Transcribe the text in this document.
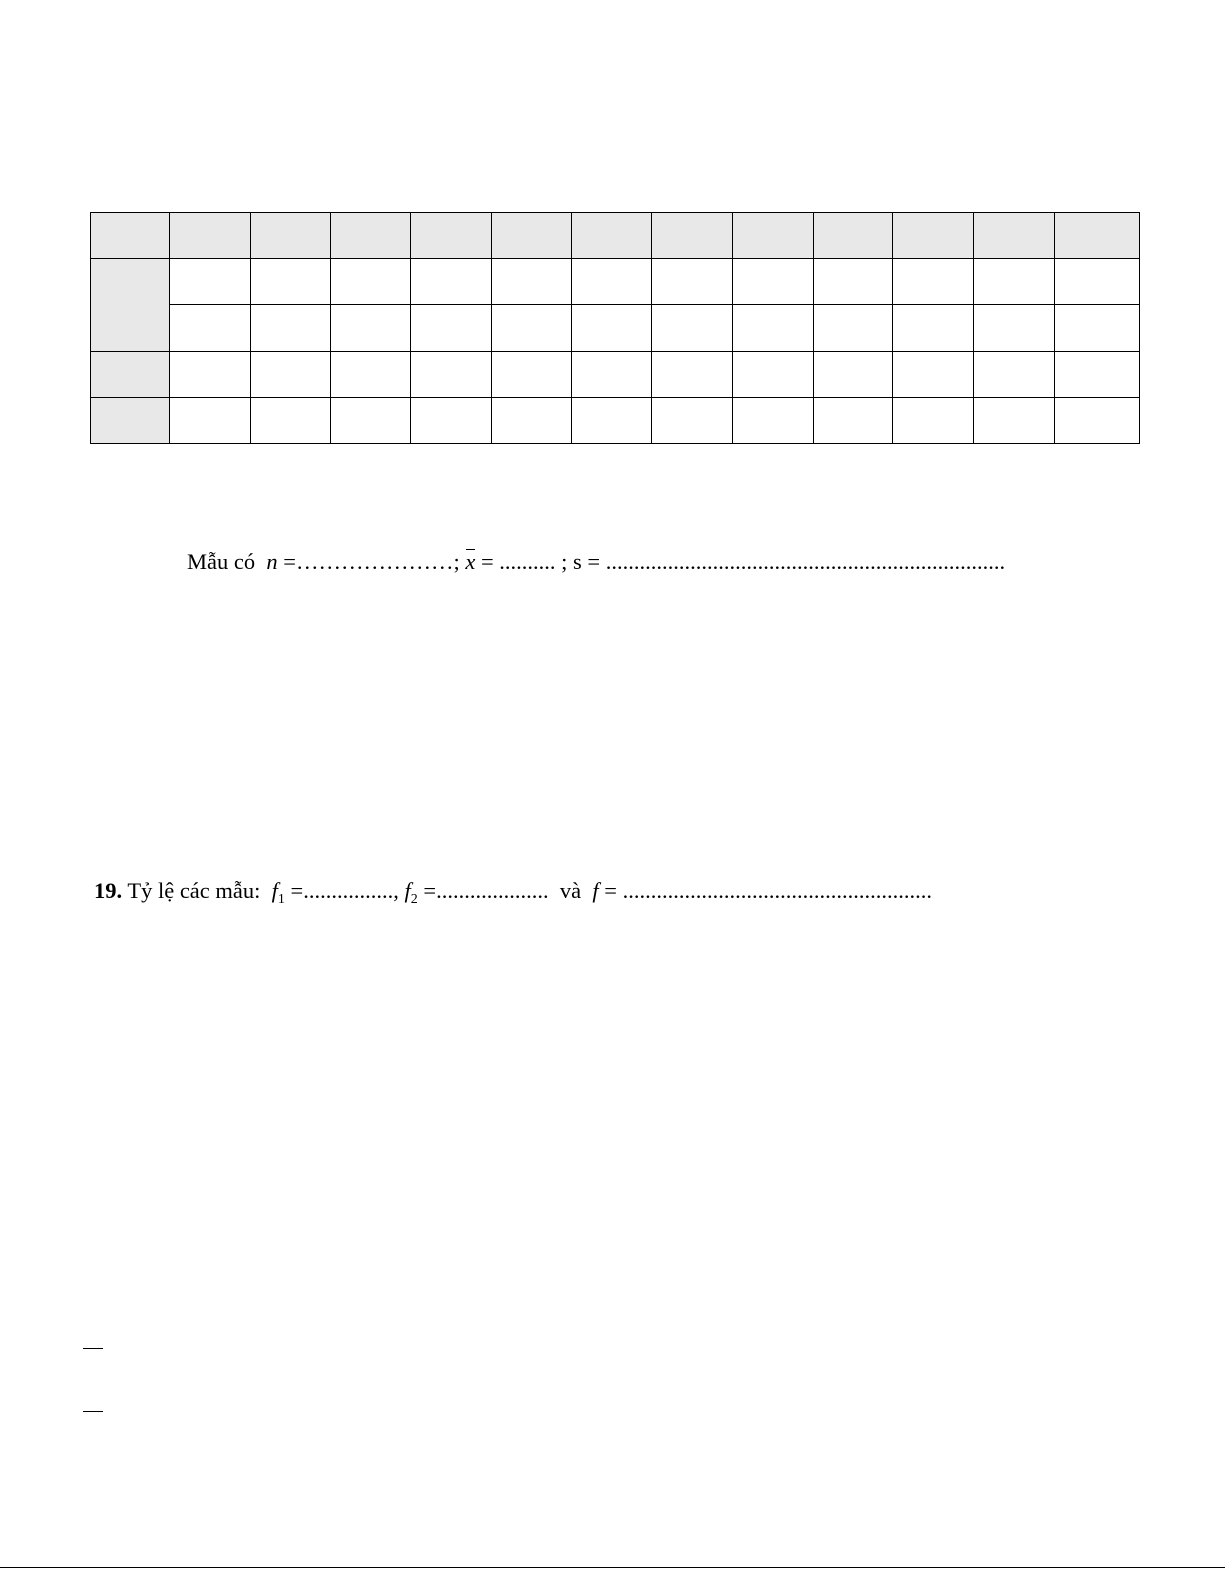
Mẫu có n =…………………; x = .......... ; s = .......................................................................
19. Tỷ lệ các mẫu: $f_1$ =................, $f_2$ =.................... và f = .......................................................
